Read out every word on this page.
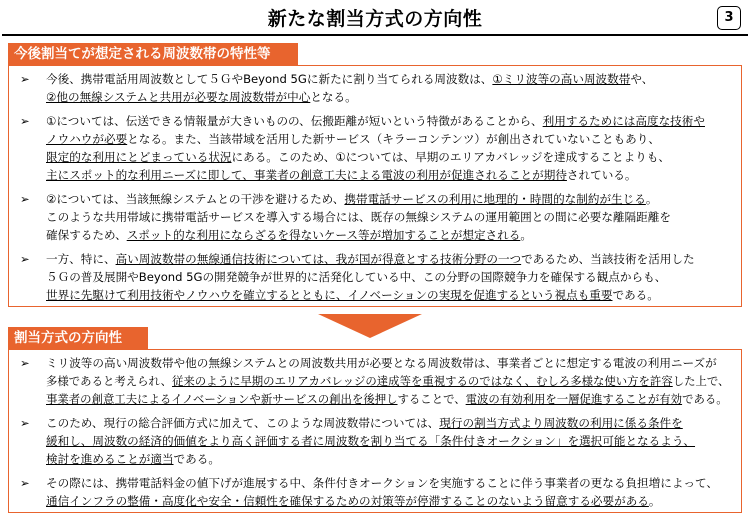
新たな割当方式の方向性	3
今後割当てが想定される周波数帯の特性等
➢ 今後、携帯電話用周波数として５ＧやBeyond 5Gに新たに割り当てられる周波数は、①ミリ波等の高い周波数帯や、
②他の無線システムと共用が必要な周波数帯が中心となる。
➢ ①については、伝送できる情報量が大きいものの、伝搬距離が短いという特徴があることから、利用するためには高度な技術や
ノウハウが必要となる。また、当該帯域を活用した新サービス（キラーコンテンツ）が創出されていないこともあり、
限定的な利用にとどまっている状況にある。このため、①については、早期のエリアカバレッジを達成することよりも、
主にスポット的な利用ニーズに即して、事業者の創意工夫による電波の利用が促進されることが期待されている。
➢ ②については、当該無線システムとの干渉を避けるため、携帯電話サービスの利用に地理的・時間的な制約が生じる。
このような共用帯域に携帯電話サービスを導入する場合には、既存の無線システムの運用範囲との間に必要な離隔距離を
確保するため、スポット的な利用にならざるを得ないケース等が増加することが想定される。
➢ 一方、特に、高い周波数帯の無線通信技術については、我が国が得意とする技術分野の一つであるため、当該技術を活用した
５Ｇの普及展開やBeyond 5Gの開発競争が世界的に活発化している中、この分野の国際競争力を確保する観点からも、
世界に先駆けて利用技術やノウハウを確立するとともに、イノベーションの実現を促進するという視点も重要である。
割当方式の方向性
➢ ミリ波等の高い周波数帯や他の無線システムとの周波数共用が必要となる周波数帯は、事業者ごとに想定する電波の利用ニーズが
多様であると考えられ、従来のように早期のエリアカバレッジの達成等を重視するのではなく、むしろ多様な使い方を許容した上で、
事業者の創意工夫によるイノベーションや新サービスの創出を後押しすることで、電波の有効利用を一層促進することが有効である。
➢ このため、現行の総合評価方式に加えて、このような周波数帯については、現行の割当方式より周波数の利用に係る条件を
緩和し、周波数の経済的価値をより高く評価する者に周波数を割り当てる「条件付きオークション」を選択可能となるよう、
検討を進めることが適当である。
➢ その際には、携帯電話料金の値下げが進展する中、条件付きオークションを実施することに伴う事業者の更なる負担増によって、
通信インフラの整備・高度化や安全・信頼性を確保するための対策等が停滞することのないよう留意する必要がある。
